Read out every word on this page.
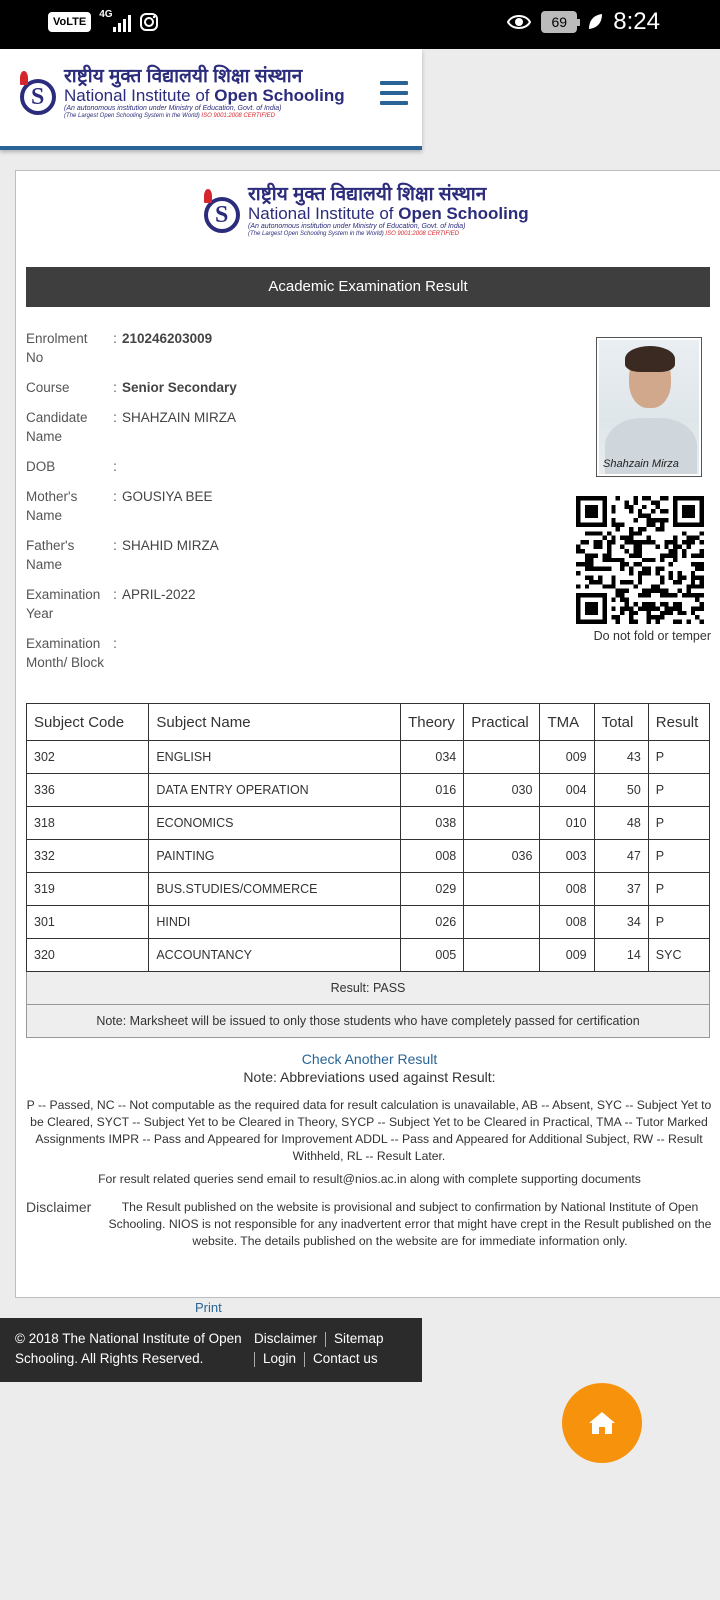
VoLTE
4G	69	8:24
S
राष्ट्रीय मुक्त विद्यालयी शिक्षा संस्थान
National Institute of Open Schooling
(An autonomous institution under Ministry of Education, Govt. of India)
(The Largest Open Schooling System in the World) ISO 9001:2008 CERTIFIED
S
राष्ट्रीय मुक्त विद्यालयी शिक्षा संस्थान
National Institute of Open Schooling
(An autonomous institution under Ministry of Education, Govt. of India)
(The Largest Open Schooling System in the World) ISO 9001:2008 CERTIFIED
Academic Examination Result
Enrolment No
: 210246203009
Course	: Senior Secondary
Candidate Name
: SHAHZAIN MIRZA
DOB	:
Mother's Name
: GOUSIYA BEE
Father's Name
: SHAHID MIRZA
Examination Year
: APRIL-2022
Examination Month/ Block
:
Shahzain Mirza
Do not fold or temper
Subject Code	Subject Name	Theory	Practical	TMA	Total	Result
302	ENGLISH	034		009	43	P
336	DATA ENTRY OPERATION	016	030	004	50	P
318	ECONOMICS	038		010	48	P
332	PAINTING	008	036	003	47	P
319	BUS.STUDIES/COMMERCE	029		008	37	P
301	HINDI	026		008	34	P
320	ACCOUNTANCY	005		009	14	SYC
Result: PASS						
Note: Marksheet will be issued to only those students who have completely passed for certification						
Check Another Result
Note: Abbreviations used against Result:
P -- Passed, NC -- Not computable as the required data for result calculation is unavailable, AB -- Absent, SYC -- Subject Yet to be Cleared, SYCT -- Subject Yet to be Cleared in Theory, SYCP -- Subject Yet to be Cleared in Practical, TMA -- Tutor Marked Assignments IMPR -- Pass and Appeared for Improvement ADDL -- Pass and Appeared for Additional Subject, RW -- Result Withheld, RL -- Result Later.
For result related queries send email to result@nios.ac.in along with complete supporting documents
Disclaimer	The Result published on the website is provisional and subject to confirmation by National Institute of Open Schooling. NIOS is not responsible for any inadvertent error that might have crept in the Result published on the website. The details published on the website are for immediate information only.
Print
© 2018 The National Institute of Open Schooling. All Rights Reserved.
Disclaimer Sitemap
Login Contact us
